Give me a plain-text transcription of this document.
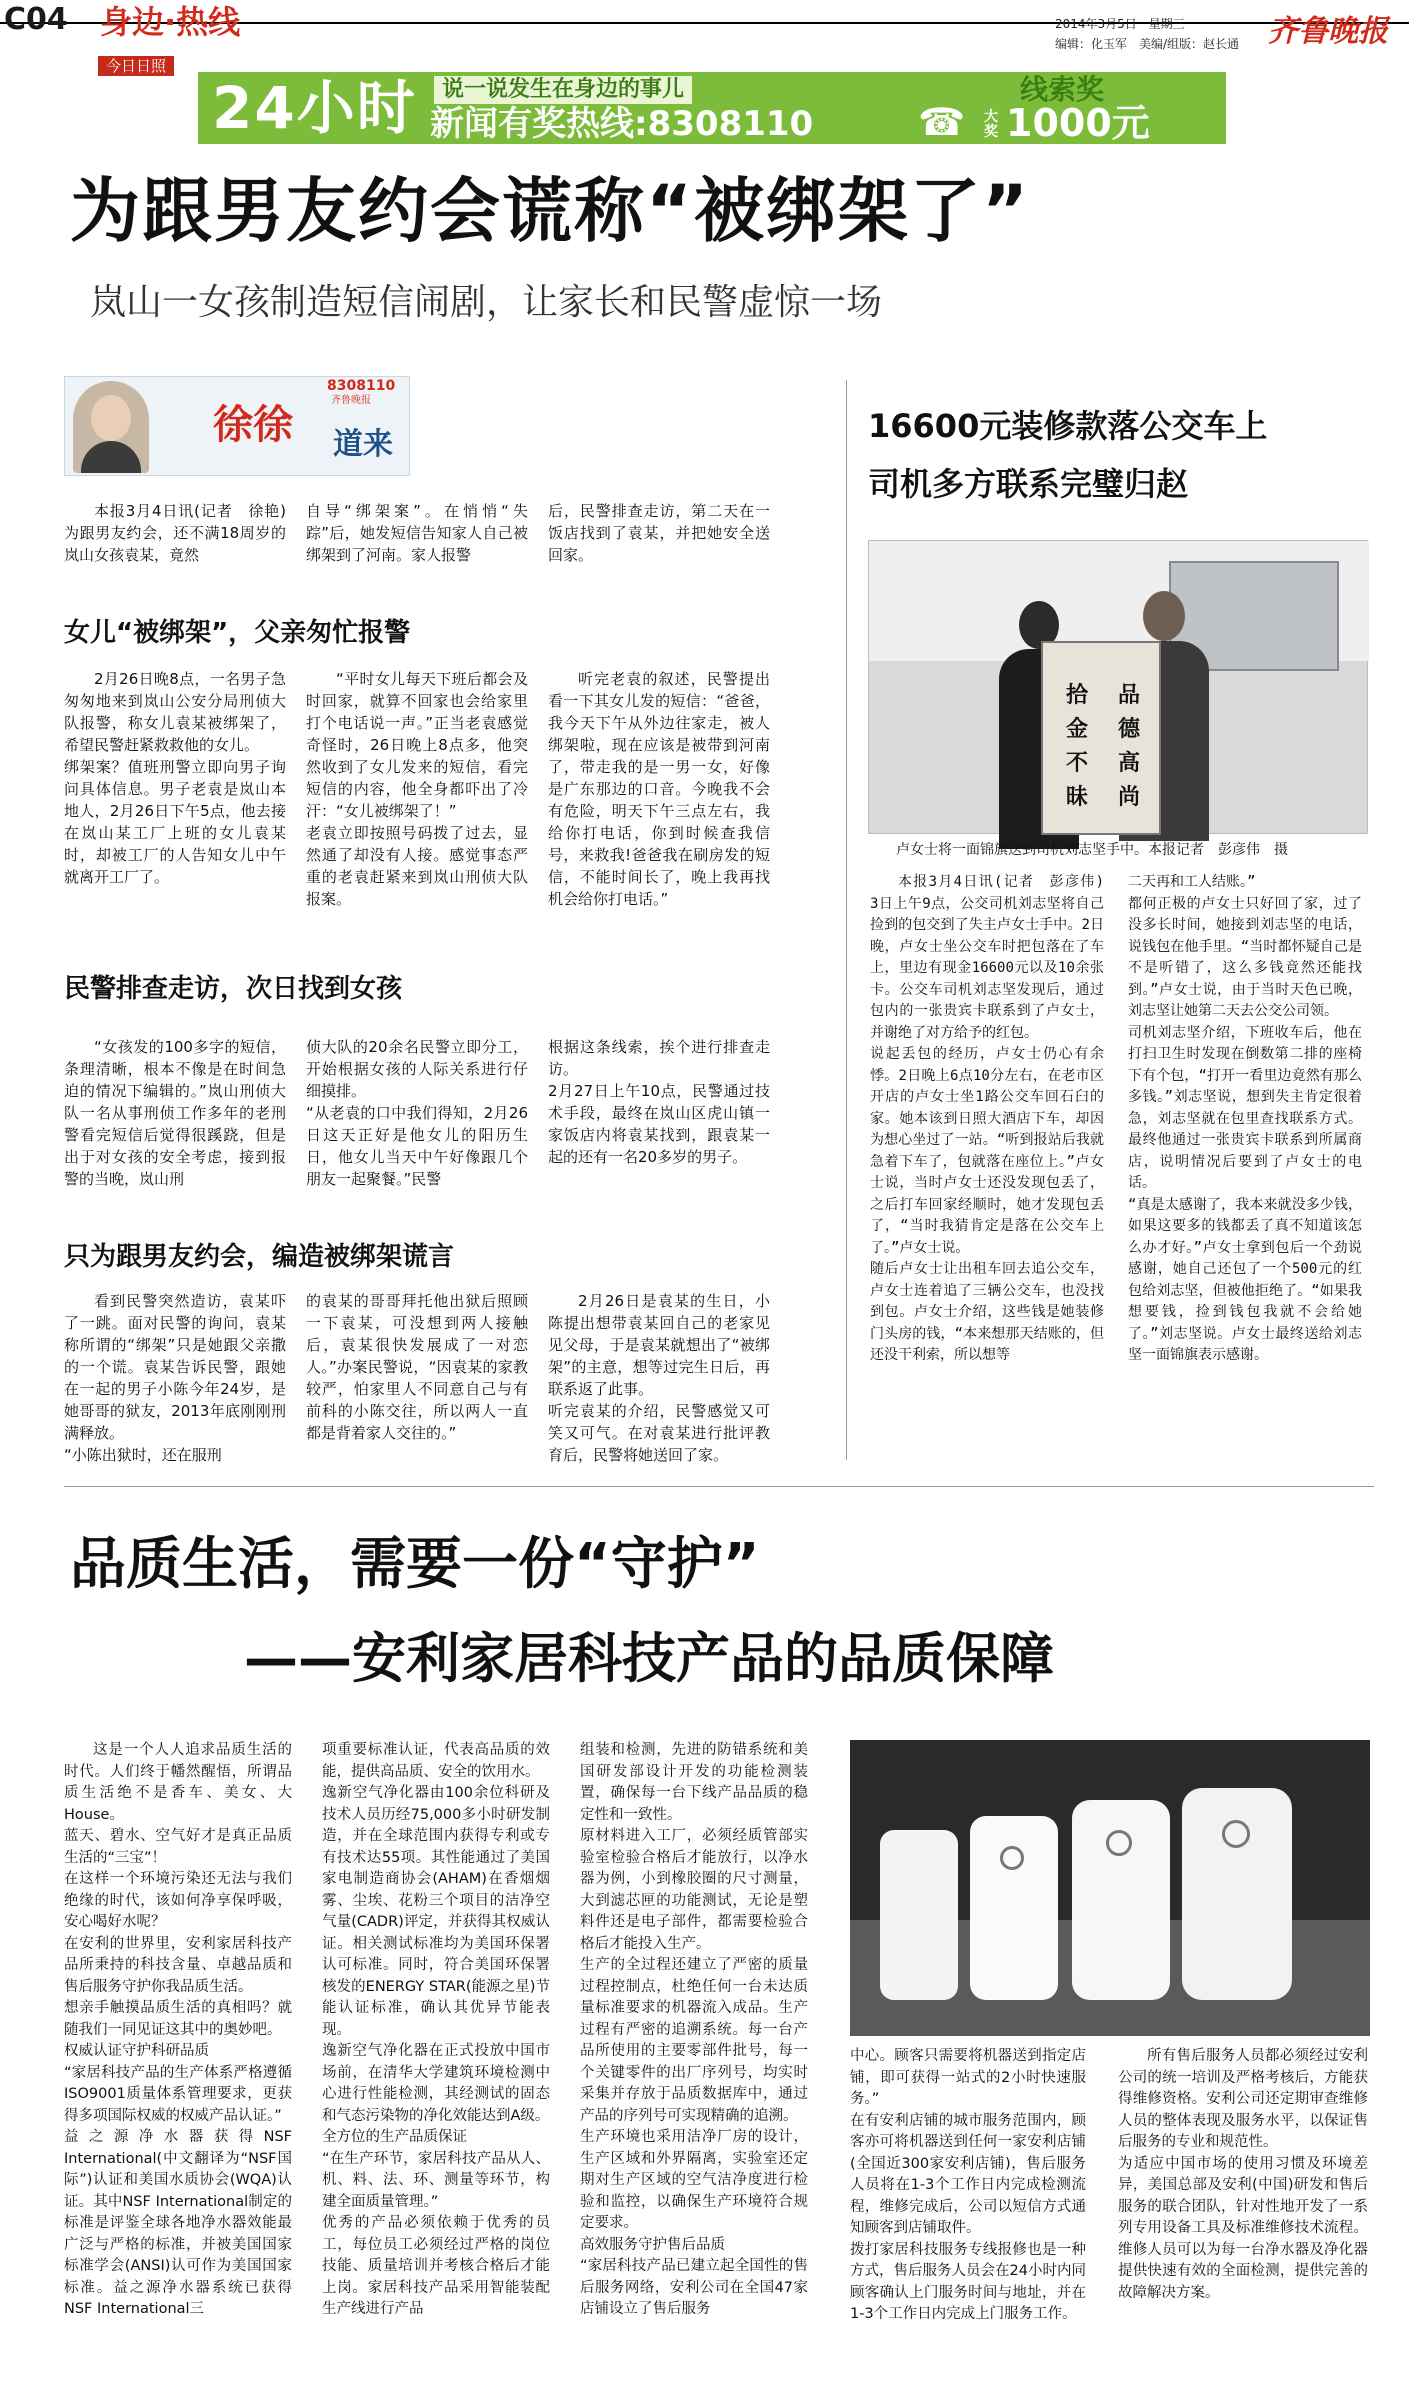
C04 身边·热线
今日日照
2014年3月5日 星期三
编辑：化玉军　美编/组版：赵长通 齐鲁晚报
24小时	说一说发生在身边的事儿
新闻有奖热线:8308110	☎
线索奖
大奖 1000元
为跟男友约会谎称“被绑架了”
岚山一女孩制造短信闹剧，让家长和民警虚惊一场
8308110
齐鲁晚报
徐徐 道来

本报3月4日讯(记者　徐艳)　为跟男友约会，还不满18周岁的岚山女孩袁某，竟然

自导“绑架案”。在悄悄“失踪”后，她发短信告知家人自己被绑架到了河南。家人报警

后，民警排查走访，第二天在一饭店找到了袁某，并把她安全送回家。

女儿“被绑架”，父亲匆忙报警

2月26日晚8点，一名男子急匆匆地来到岚山公安分局刑侦大队报警，称女儿袁某被绑架了，希望民警赶紧救救他的女儿。
绑架案？值班刑警立即向男子询问具体信息。男子老袁是岚山本地人，2月26日下午5点，他去接在岚山某工厂上班的女儿袁某时，却被工厂的人告知女儿中午就离开工厂了。

“平时女儿每天下班后都会及时回家，就算不回家也会给家里打个电话说一声。”正当老袁感觉奇怪时，26日晚上8点多，他突然收到了女儿发来的短信，看完短信的内容，他全身都吓出了冷汗：“女儿被绑架了！”
老袁立即按照号码拨了过去，显然通了却没有人接。感觉事态严重的老袁赶紧来到岚山刑侦大队报案。

听完老袁的叙述，民警提出看一下其女儿发的短信：“爸爸，我今天下午从外边往家走，被人绑架啦，现在应该是被带到河南了，带走我的是一男一女，好像是广东那边的口音。今晚我不会有危险，明天下午三点左右，我给你打电话，你到时候查我信号，来救我!爸爸我在刷房发的短信，不能时间长了，晚上我再找机会给你打电话。”

民警排查走访，次日找到女孩

“女孩发的100多字的短信，条理清晰，根本不像是在时间急迫的情况下编辑的。”岚山刑侦大队一名从事刑侦工作多年的老刑警看完短信后觉得很蹊跷，但是出于对女孩的安全考虑，接到报警的当晚，岚山刑

侦大队的20余名民警立即分工，开始根据女孩的人际关系进行仔细摸排。
“从老袁的口中我们得知，2月26日这天正好是他女儿的阳历生日，他女儿当天中午好像跟几个朋友一起聚餐。”民警

根据这条线索，挨个进行排查走访。
2月27日上午10点，民警通过技术手段，最终在岚山区虎山镇一家饭店内将袁某找到，跟袁某一起的还有一名20多岁的男子。

只为跟男友约会，编造被绑架谎言

看到民警突然造访，袁某吓了一跳。面对民警的询问，袁某称所谓的“绑架”只是她跟父亲撒的一个谎。袁某告诉民警，跟她在一起的男子小陈今年24岁，是她哥哥的狱友，2013年底刚刚刑满释放。
“小陈出狱时，还在服刑

的袁某的哥哥拜托他出狱后照顾一下袁某，可没想到两人接触后，袁某很快发展成了一对恋人。”办案民警说，“因袁某的家教较严，怕家里人不同意自己与有前科的小陈交往，所以两人一直都是背着家人交往的。”

2月26日是袁某的生日，小陈提出想带袁某回自己的老家见见父母，于是袁某就想出了“被绑架”的主意，想等过完生日后，再联系返了此事。
听完袁某的介绍，民警感觉又可笑又可气。在对袁某进行批评教育后，民警将她送回了家。

16600元装修款落公交车上
司机多方联系完璧归赵
拾	品
金	德
不	高
昧	尚
卢女士将一面锦旗送到司机刘志坚手中。本报记者　彭彦伟　摄

本报3月4日讯(记者　彭彦伟)　3日上午9点，公交司机刘志坚将自己捡到的包交到了失主卢女士手中。2日晚，卢女士坐公交车时把包落在了车上，里边有现金16600元以及10余张卡。公交车司机刘志坚发现后，通过包内的一张贵宾卡联系到了卢女士，并谢绝了对方给予的红包。
说起丢包的经历，卢女士仍心有余悸。2日晚上6点10分左右，在老市区开店的卢女士坐1路公交车回石臼的家。她本该到日照大酒店下车，却因为想心坐过了一站。“听到报站后我就急着下车了，包就落在座位上。”卢女士说，当时卢女士还没发现包丢了，之后打车回家经顺时，她才发现包丢了，“当时我猜肯定是落在公交车上了。”卢女士说。
随后卢女士让出租车回去追公交车，卢女士连着追了三辆公交车，也没找到包。卢女士介绍，这些钱是她装修门头房的钱，“本来想那天结账的，但还没干利索，所以想等

二天再和工人结账。”
都何正极的卢女士只好回了家，过了没多长时间，她接到刘志坚的电话，说钱包在他手里。“当时都怀疑自己是不是听错了，这么多钱竟然还能找到。”卢女士说，由于当时天色已晚，刘志坚让她第二天去公交公司领。
司机刘志坚介绍，下班收车后，他在打扫卫生时发现在倒数第二排的座椅下有个包，“打开一看里边竟然有那么多钱。”刘志坚说，想到失主肯定很着急，刘志坚就在包里查找联系方式。最终他通过一张贵宾卡联系到所属商店，说明情况后要到了卢女士的电话。
“真是太感谢了，我本来就没多少钱，如果这要多的钱都丢了真不知道该怎么办才好。”卢女士拿到包后一个劲说感谢，她自己还包了一个500元的红包给刘志坚，但被他拒绝了。“如果我想要钱，捡到钱包我就不会给她了。”刘志坚说。卢女士最终送给刘志坚一面锦旗表示感谢。

品质生活，需要一份“守护”
——安利家居科技产品的品质保障

这是一个人人追求品质生活的时代。人们终于幡然醒悟，所谓品质生活绝不是香车、美女、大House。
蓝天、碧水、空气好才是真正品质生活的“三宝”！
在这样一个环境污染还无法与我们绝缘的时代，该如何净享保呼吸，安心喝好水呢？
在安利的世界里，安利家居科技产品所秉持的科技含量、卓越品质和售后服务守护你我品质生活。
想亲手触摸品质生活的真相吗？就随我们一同见证这其中的奥妙吧。
权威认证守护科研品质
“家居科技产品的生产体系严格遵循ISO9001质量体系管理要求，更获得多项国际权威的权威产品认证。”
益之源净水器获得NSF International(中文翻译为“NSF国际”)认证和美国水质协会(WQA)认证。其中NSF International制定的标准是评鉴全球各地净水器效能最广泛与严格的标准，并被美国国家标准学会(ANSI)认可作为美国国家标准。益之源净水器系统已获得NSF International三

项重要标准认证，代表高品质的效能，提供高品质、安全的饮用水。
逸新空气净化器由100余位科研及技术人员历经75,000多小时研发制造，并在全球范围内获得专利或专有技术达55项。其性能通过了美国家电制造商协会(AHAM)在香烟烟雾、尘埃、花粉三个项目的洁净空气量(CADR)评定，并获得其权威认证。相关测试标准均为美国环保署认可标准。同时，符合美国环保署核发的ENERGY STAR(能源之星)节能认证标准，确认其优异节能表现。
逸新空气净化器在正式投放中国市场前，在清华大学建筑环境检测中心进行性能检测，其经测试的固态和气态污染物的净化效能达到A级。
全方位的生产品质保证
“在生产环节，家居科技产品从人、机、料、法、环、测量等环节，构建全面质量管理。”
优秀的产品必须依赖于优秀的员工，每位员工必须经过严格的岗位技能、质量培训并考核合格后才能上岗。家居科技产品采用智能装配生产线进行产品

组装和检测，先进的防错系统和美国研发部设计开发的功能检测装置，确保每一台下线产品品质的稳定性和一致性。
原材料进入工厂，必须经质管部实验室检验合格后才能放行，以净水器为例，小到橡胶圈的尺寸测量，大到滤芯匣的功能测试，无论是塑料件还是电子部件，都需要检验合格后才能投入生产。
生产的全过程还建立了严密的质量过程控制点，杜绝任何一台未达质量标准要求的机器流入成品。生产过程有严密的追溯系统。每一台产品所使用的主要零部件批号，每一个关键零件的出厂序列号，均实时采集并存放于品质数据库中，通过产品的序列号可实现精确的追溯。
生产环境也采用洁净厂房的设计，生产区域和外界隔离，实验室还定期对生产区域的空气洁净度进行检验和监控，以确保生产环境符合规定要求。
高效服务守护售后品质
“家居科技产品已建立起全国性的售后服务网络，安利公司在全国47家店铺设立了售后服务

中心。顾客只需要将机器送到指定店铺，即可获得一站式的2小时快速服务。”
在有安利店铺的城市服务范围内，顾客亦可将机器送到任何一家安利店铺(全国近300家安利店铺)，售后服务人员将在1-3个工作日内完成检测流程，维修完成后，公司以短信方式通知顾客到店铺取件。
拨打家居科技服务专线报修也是一种方式，售后服务人员会在24小时内同顾客确认上门服务时间与地址，并在1-3个工作日内完成上门服务工作。

所有售后服务人员都必须经过安利公司的统一培训及严格考核后，方能获得维修资格。安利公司还定期审查维修人员的整体表现及服务水平，以保证售后服务的专业和规范性。
为适应中国市场的使用习惯及环境差异，美国总部及安利(中国)研发和售后服务的联合团队，针对性地开发了一系列专用设备工具及标准维修技术流程。维修人员可以为每一台净水器及净化器提供快速有效的全面检测，提供完善的故障解决方案。
